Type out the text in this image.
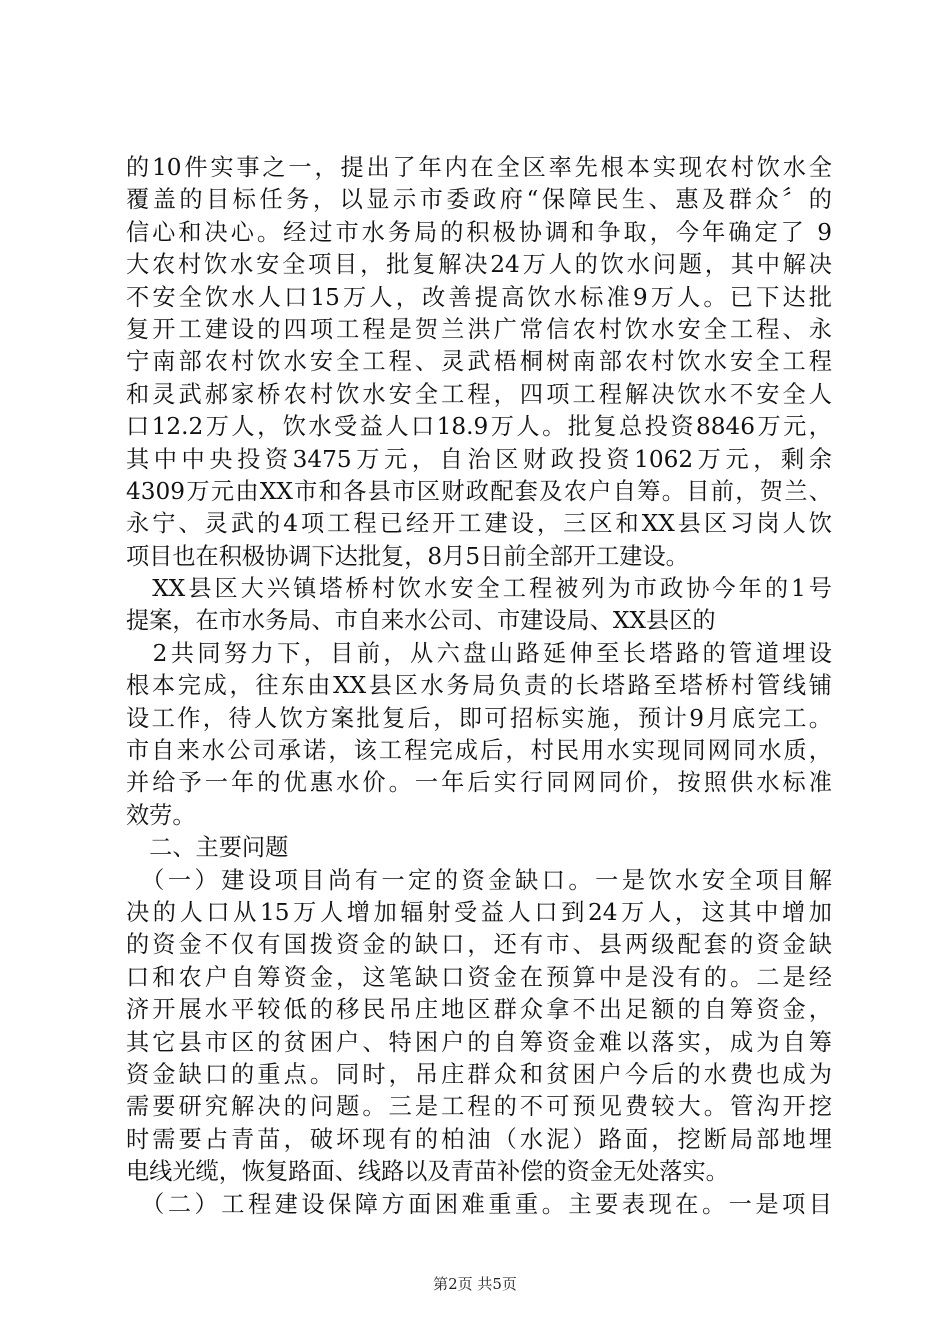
的10件实事之一，提出了年内在全区率先根本实现农村饮水全
覆盖的目标任务，以显示市委政府“保障民生、惠及群众〞的
信心和决心。经过市水务局的积极协调和争取，今年确定了 9
大农村饮水安全项目，批复解决24万人的饮水问题，其中解决
不安全饮水人口15万人，改善提高饮水标准9万人。已下达批
复开工建设的四项工程是贺兰洪广常信农村饮水安全工程、永
宁南部农村饮水安全工程、灵武梧桐树南部农村饮水安全工程
和灵武郝家桥农村饮水安全工程，四项工程解决饮水不安全人
口12.2万人，饮水受益人口18.9万人。批复总投资8846万元，
其中中央投资3475万元，自治区财政投资1062万元，剩余
4309万元由XX市和各县市区财政配套及农户自筹。目前，贺兰、
永宁、灵武的4项工程已经开工建设，三区和XX县区习岗人饮
项目也在积极协调下达批复，8月5日前全部开工建设。
　XX县区大兴镇塔桥村饮水安全工程被列为市政协今年的1号
提案，在市水务局、市自来水公司、市建设局、XX县区的
　2共同努力下，目前，从六盘山路延伸至长塔路的管道埋设
根本完成，往东由XX县区水务局负责的长塔路至塔桥村管线铺
设工作，待人饮方案批复后，即可招标实施，预计9月底完工。
市自来水公司承诺，该工程完成后，村民用水实现同网同水质，
并给予一年的优惠水价。一年后实行同网同价，按照供水标准
效劳。
　二、主要问题
　（一）建设项目尚有一定的资金缺口。一是饮水安全项目解
决的人口从15万人增加辐射受益人口到24万人，这其中增加
的资金不仅有国拨资金的缺口，还有市、县两级配套的资金缺
口和农户自筹资金，这笔缺口资金在预算中是没有的。二是经
济开展水平较低的移民吊庄地区群众拿不出足额的自筹资金，
其它县市区的贫困户、特困户的自筹资金难以落实，成为自筹
资金缺口的重点。同时，吊庄群众和贫困户今后的水费也成为
需要研究解决的问题。三是工程的不可预见费较大。管沟开挖
时需要占青苗，破坏现有的柏油（水泥）路面，挖断局部地埋
电线光缆，恢复路面、线路以及青苗补偿的资金无处落实。
　（二）工程建设保障方面困难重重。主要表现在。一是项目
第2页 共5页
